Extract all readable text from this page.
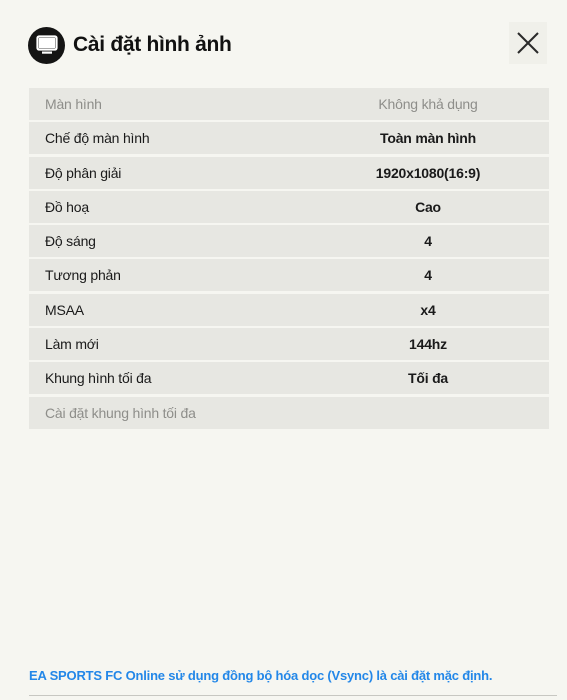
Cài đặt hình ảnh
Màn hình	Không khả dụng
Chế độ màn hình	Toàn màn hình
Độ phân giải	1920x1080(16:9)
Đồ hoạ	Cao
Độ sáng	4
Tương phản	4
MSAA	x4
Làm mới	144hz
Khung hình tối đa	Tối đa
Cài đặt khung hình tối đa
EA SPORTS FC Online sử dụng đồng bộ hóa dọc (Vsync) là cài đặt mặc định.
